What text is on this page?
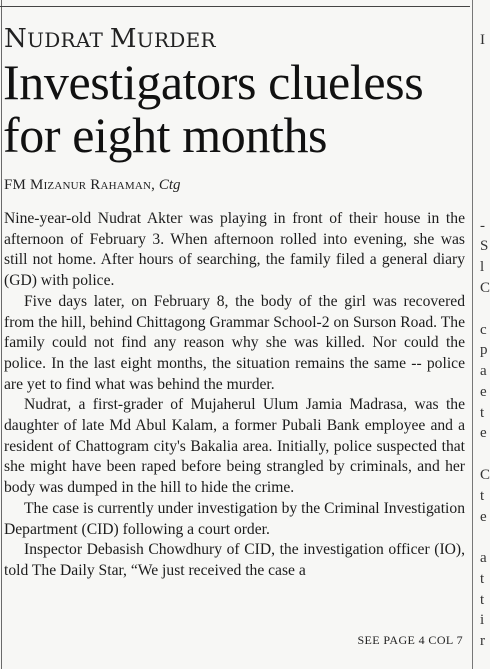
NUDRAT MURDER
Investigators clueless for eight months
FM Mizanur Rahaman, Ctg

Nine-year-old Nudrat Akter was playing in front of their house in the afternoon of February 3. When afternoon rolled into evening, she was still not home. After hours of searching, the family filed a general diary (GD) with police.

Five days later, on February 8, the body of the girl was recovered from the hill, behind Chittagong Grammar School-2 on Surson Road. The family could not find any reason why she was killed. Nor could the police. In the last eight months, the situation remains the same -- police are yet to find what was behind the murder.

Nudrat, a first-grader of Mujaherul Ulum Jamia Madrasa, was the daughter of late Md Abul Kalam, a former Pubali Bank employee and a resident of Chattogram city's Bakalia area. Initially, police suspected that she might have been raped before being strangled by criminals, and her body was dumped in the hill to hide the crime.

The case is currently under investigation by the Criminal Investigation Department (CID) following a court order.

Inspector Debasish Chowdhury of CID, the investigation officer (IO), told The Daily Star, “We just received the case a

SEE PAGE 4 COL 7
I
-
S
l
C
c
p
a
e
t
e
C
t
e
a
t
t
i
r
